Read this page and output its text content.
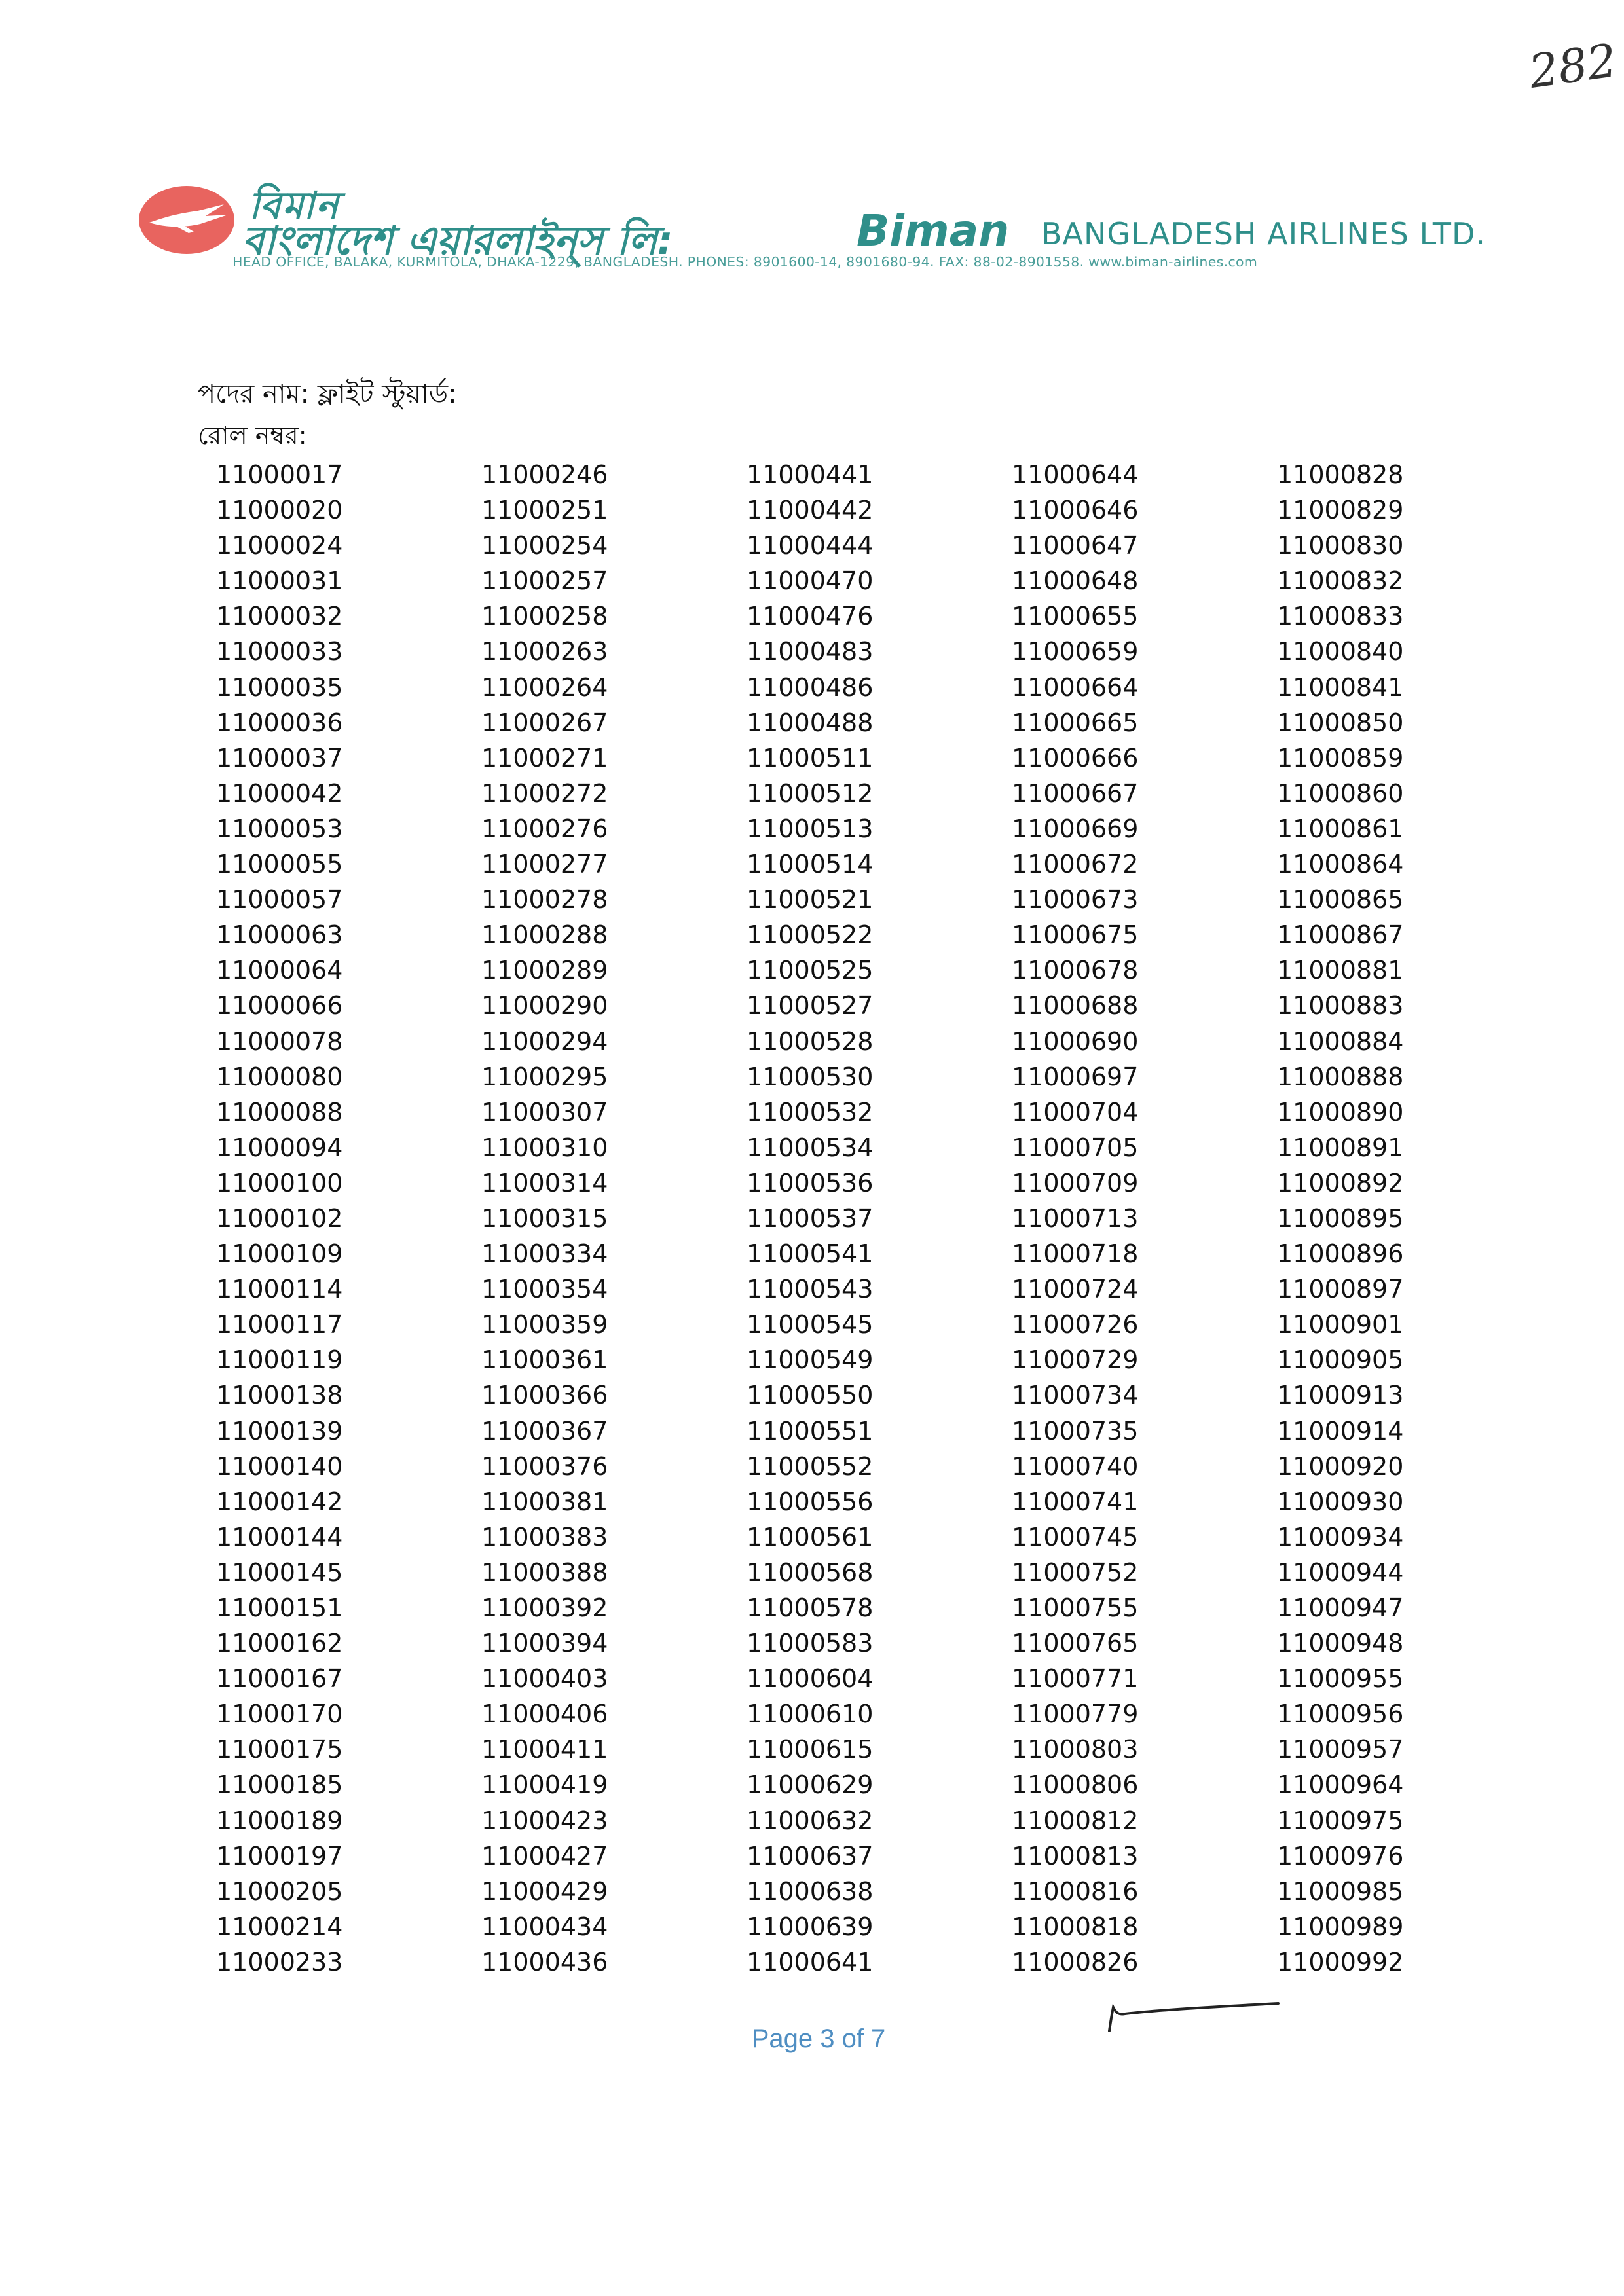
282
বিমান
বাংলাদেশ এয়ারলাইন্‌স লি:	Biman BANGLADESH AIRLINES LTD.
HEAD OFFICE, BALAKA, KURMITOLA, DHAKA-1229, BANGLADESH. PHONES: 8901600-14, 8901680-94. FAX: 88-02-8901558. www.biman-airlines.com
পদের নাম: ফ্লাইট স্টুয়ার্ড:
রোল নম্বর:
11000017
11000020
11000024
11000031
11000032
11000033
11000035
11000036
11000037
11000042
11000053
11000055
11000057
11000063
11000064
11000066
11000078
11000080
11000088
11000094
11000100
11000102
11000109
11000114
11000117
11000119
11000138
11000139
11000140
11000142
11000144
11000145
11000151
11000162
11000167
11000170
11000175
11000185
11000189
11000197
11000205
11000214
11000233
11000246
11000251
11000254
11000257
11000258
11000263
11000264
11000267
11000271
11000272
11000276
11000277
11000278
11000288
11000289
11000290
11000294
11000295
11000307
11000310
11000314
11000315
11000334
11000354
11000359
11000361
11000366
11000367
11000376
11000381
11000383
11000388
11000392
11000394
11000403
11000406
11000411
11000419
11000423
11000427
11000429
11000434
11000436
11000441
11000442
11000444
11000470
11000476
11000483
11000486
11000488
11000511
11000512
11000513
11000514
11000521
11000522
11000525
11000527
11000528
11000530
11000532
11000534
11000536
11000537
11000541
11000543
11000545
11000549
11000550
11000551
11000552
11000556
11000561
11000568
11000578
11000583
11000604
11000610
11000615
11000629
11000632
11000637
11000638
11000639
11000641
11000644
11000646
11000647
11000648
11000655
11000659
11000664
11000665
11000666
11000667
11000669
11000672
11000673
11000675
11000678
11000688
11000690
11000697
11000704
11000705
11000709
11000713
11000718
11000724
11000726
11000729
11000734
11000735
11000740
11000741
11000745
11000752
11000755
11000765
11000771
11000779
11000803
11000806
11000812
11000813
11000816
11000818
11000826
11000828
11000829
11000830
11000832
11000833
11000840
11000841
11000850
11000859
11000860
11000861
11000864
11000865
11000867
11000881
11000883
11000884
11000888
11000890
11000891
11000892
11000895
11000896
11000897
11000901
11000905
11000913
11000914
11000920
11000930
11000934
11000944
11000947
11000948
11000955
11000956
11000957
11000964
11000975
11000976
11000985
11000989
11000992
Page 3 of 7
